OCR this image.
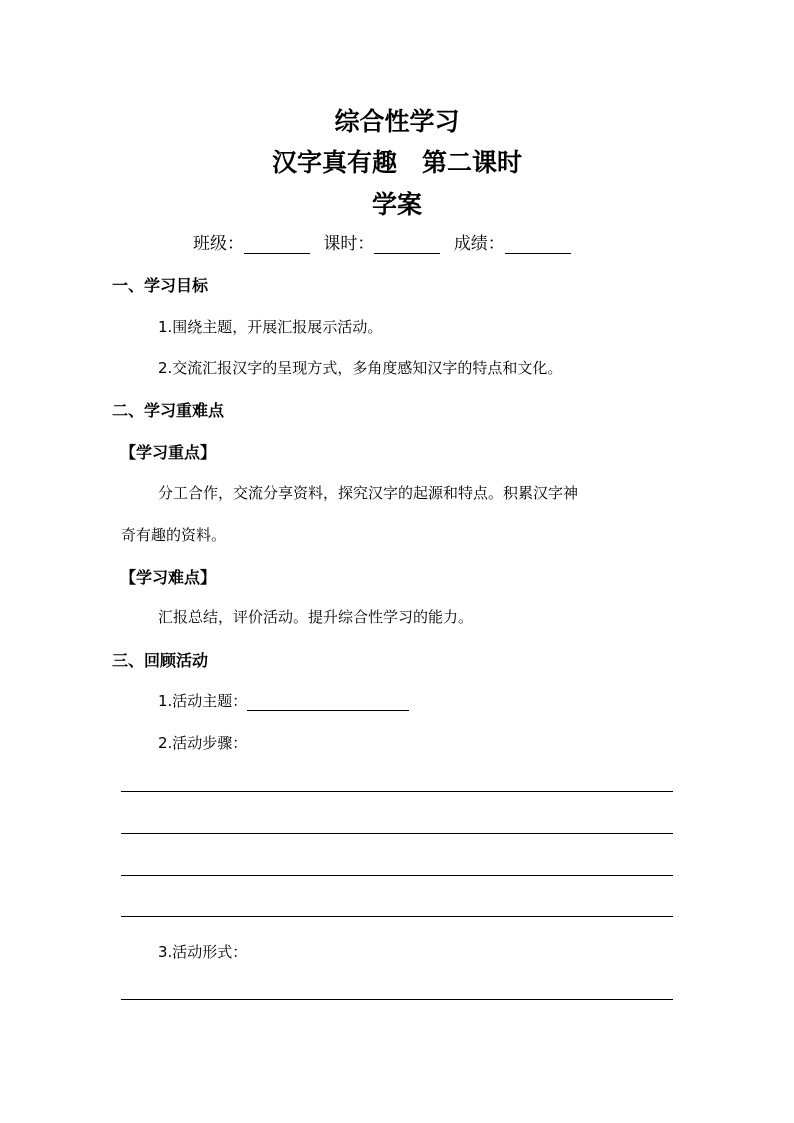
综合性学习
汉字真有趣　第二课时
学案
班级：	课时：	成绩：
一、学习目标
1.围绕主题，开展汇报展示活动。
2.交流汇报汉字的呈现方式，多角度感知汉字的特点和文化。
二、学习重难点
【学习重点】
分工合作，交流分享资料，探究汉字的起源和特点。积累汉字神
奇有趣的资料。
【学习难点】
汇报总结，评价活动。提升综合性学习的能力。
三、回顾活动
1.活动主题：
2.活动步骤：
3.活动形式：
